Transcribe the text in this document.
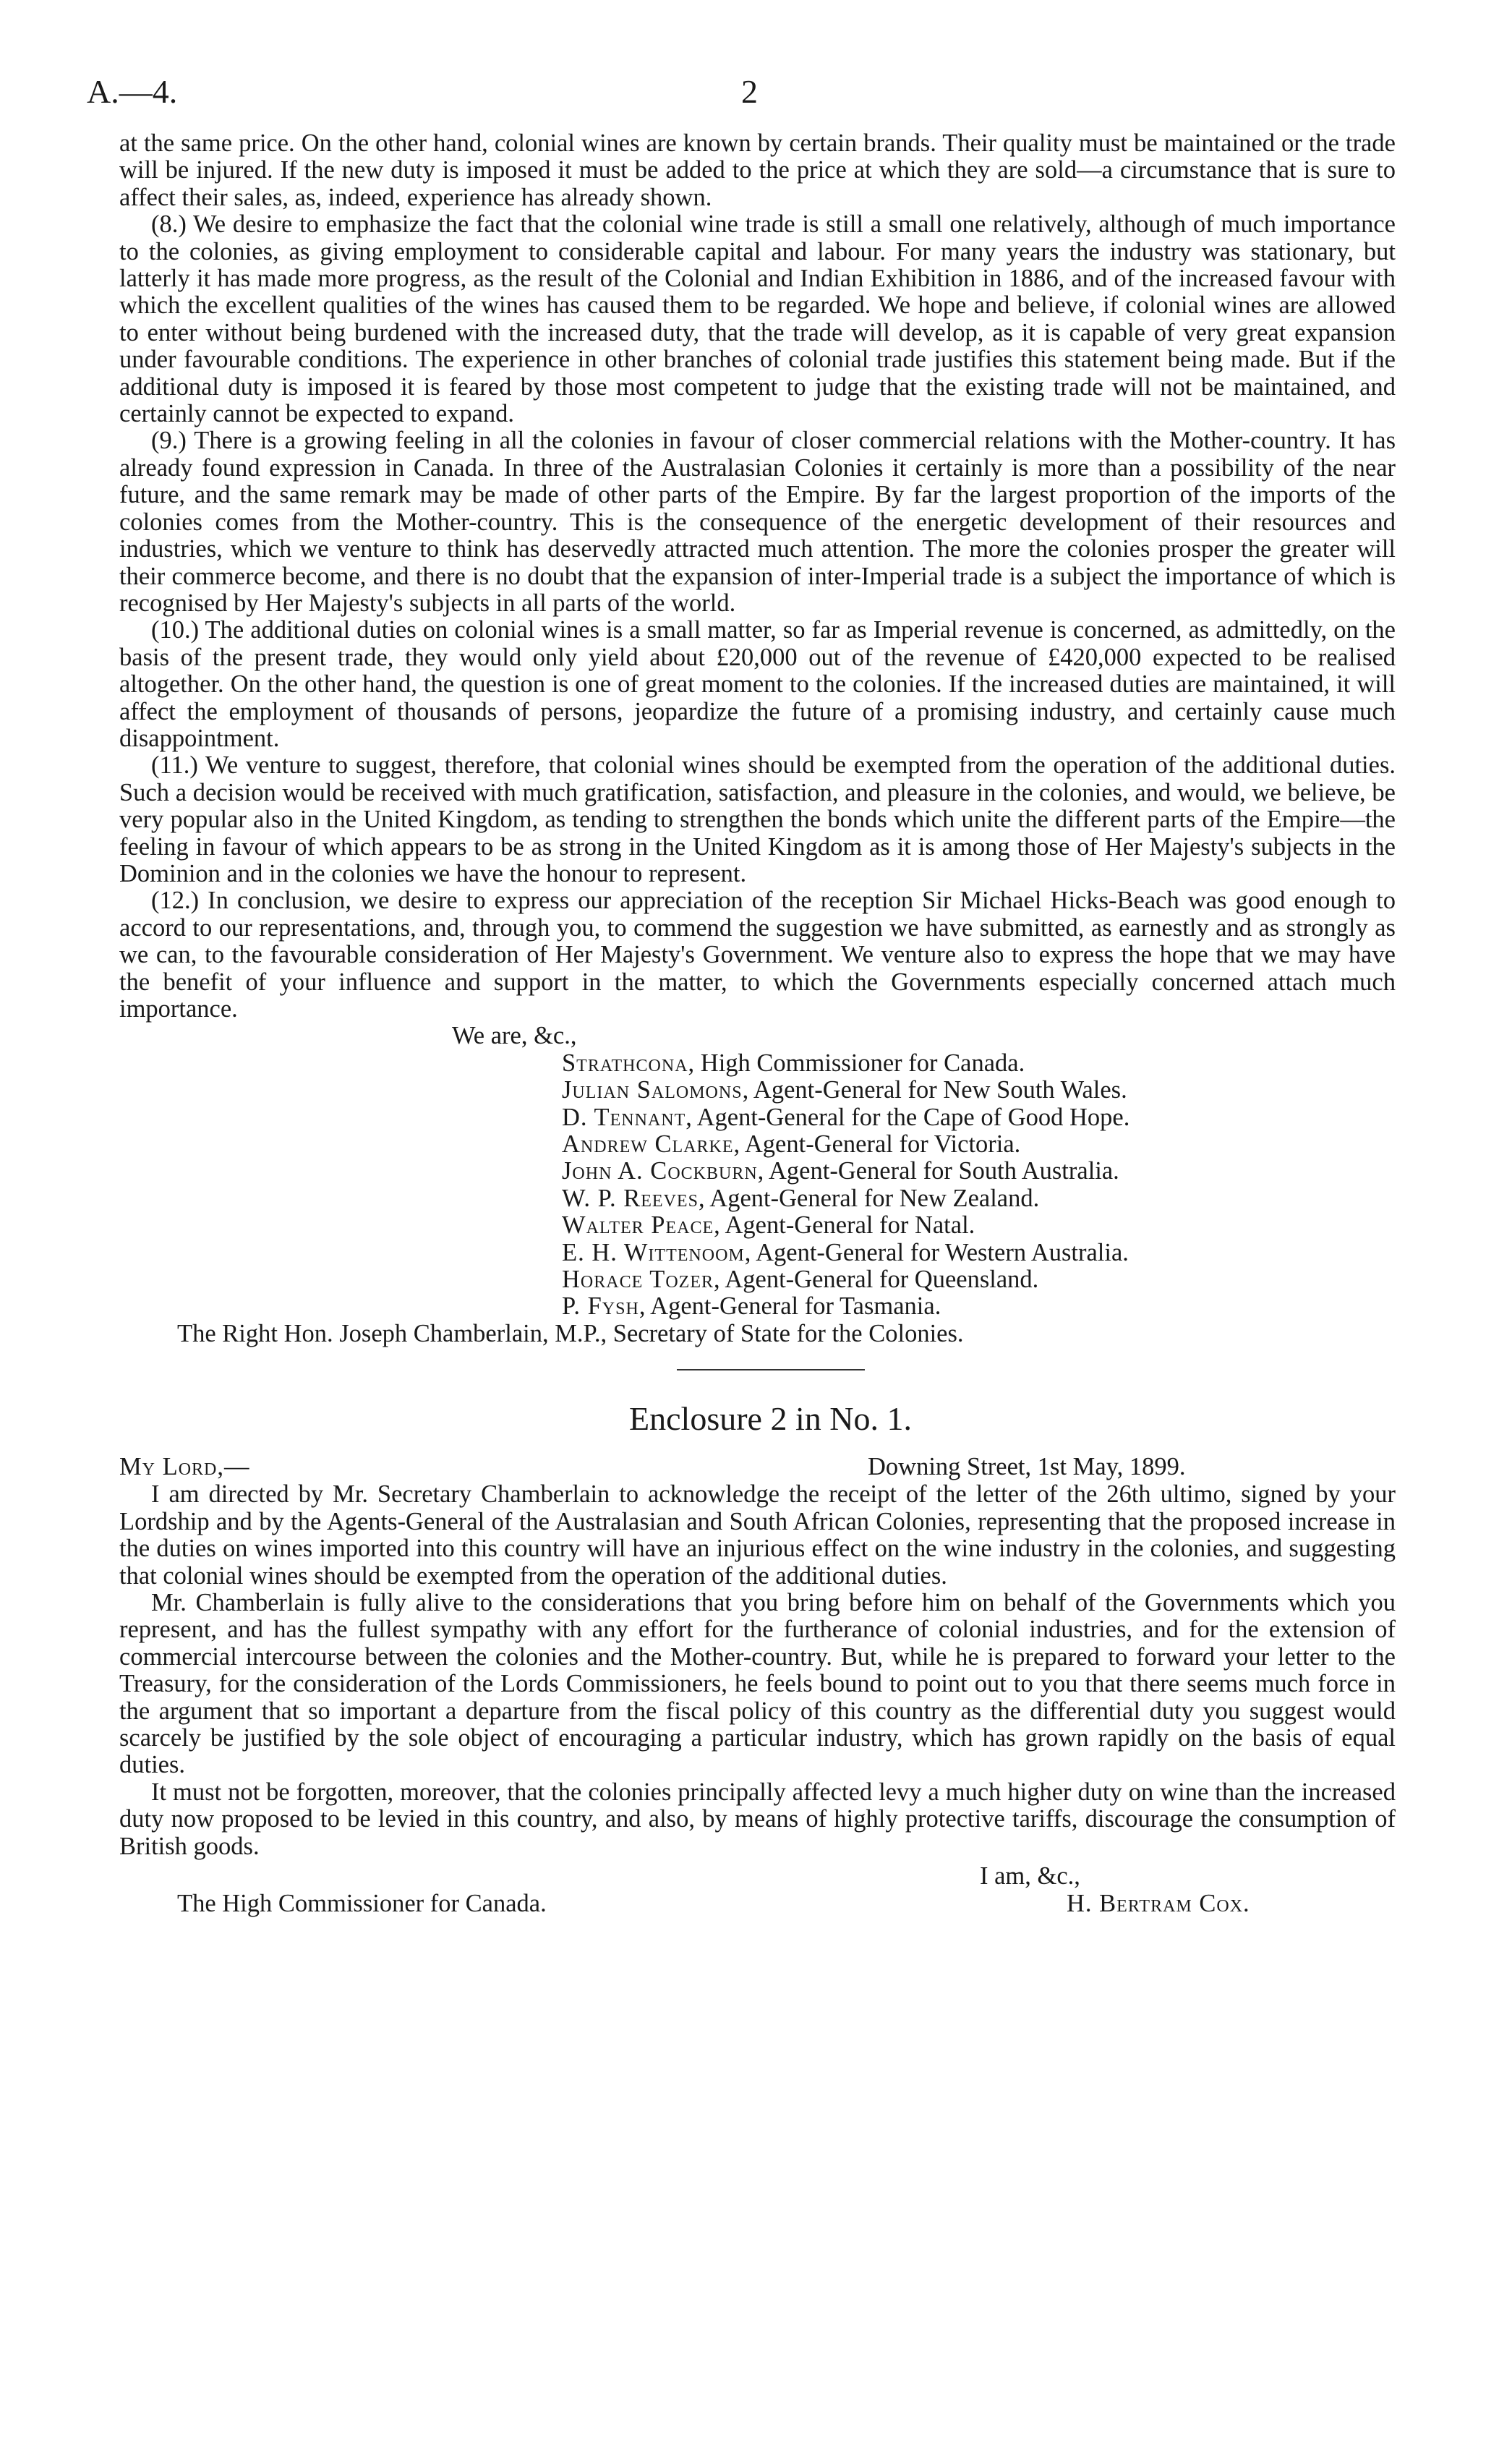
A.—4.	2

at the same price. On the other hand, colonial wines are known by certain brands. Their quality must be maintained or the trade will be injured. If the new duty is imposed it must be added to the price at which they are sold—a circumstance that is sure to affect their sales, as, indeed, experience has already shown.

(8.) We desire to emphasize the fact that the colonial wine trade is still a small one relatively, although of much importance to the colonies, as giving employment to considerable capital and labour. For many years the industry was stationary, but latterly it has made more progress, as the result of the Colonial and Indian Exhibition in 1886, and of the increased favour with which the excellent qualities of the wines has caused them to be regarded. We hope and believe, if colonial wines are allowed to enter without being burdened with the increased duty, that the trade will develop, as it is capable of very great expansion under favourable conditions. The experience in other branches of colonial trade justifies this statement being made. But if the additional duty is imposed it is feared by those most competent to judge that the existing trade will not be maintained, and certainly cannot be expected to expand.

(9.) There is a growing feeling in all the colonies in favour of closer commercial relations with the Mother-country. It has already found expression in Canada. In three of the Australasian Colonies it certainly is more than a possibility of the near future, and the same remark may be made of other parts of the Empire. By far the largest proportion of the imports of the colonies comes from the Mother-country. This is the consequence of the energetic development of their resources and industries, which we venture to think has deservedly attracted much attention. The more the colonies prosper the greater will their commerce become, and there is no doubt that the expansion of inter-Imperial trade is a subject the importance of which is recognised by Her Majesty's subjects in all parts of the world.

(10.) The additional duties on colonial wines is a small matter, so far as Imperial revenue is concerned, as admittedly, on the basis of the present trade, they would only yield about £20,000 out of the revenue of £420,000 expected to be realised altogether. On the other hand, the question is one of great moment to the colonies. If the increased duties are maintained, it will affect the employment of thousands of persons, jeopardize the future of a promising industry, and certainly cause much disappointment.

(11.) We venture to suggest, therefore, that colonial wines should be exempted from the operation of the additional duties. Such a decision would be received with much gratification, satisfaction, and pleasure in the colonies, and would, we believe, be very popular also in the United Kingdom, as tending to strengthen the bonds which unite the different parts of the Empire—the feeling in favour of which appears to be as strong in the United Kingdom as it is among those of Her Majesty's subjects in the Dominion and in the colonies we have the honour to represent.

(12.) In conclusion, we desire to express our appreciation of the reception Sir Michael Hicks-Beach was good enough to accord to our representations, and, through you, to commend the suggestion we have submitted, as earnestly and as strongly as we can, to the favourable consideration of Her Majesty's Government. We venture also to express the hope that we may have the benefit of your influence and support in the matter, to which the Governments especially concerned attach much importance.

We are, &c.,

Strathcona, High Commissioner for Canada.

Julian Salomons, Agent-General for New South Wales.

D. Tennant, Agent-General for the Cape of Good Hope.

Andrew Clarke, Agent-General for Victoria.

John A. Cockburn, Agent-General for South Australia.

W. P. Reeves, Agent-General for New Zealand.

Walter Peace, Agent-General for Natal.

E. H. Wittenoom, Agent-General for Western Australia.

Horace Tozer, Agent-General for Queensland.

P. Fysh, Agent-General for Tasmania.

The Right Hon. Joseph Chamberlain, M.P., Secretary of State for the Colonies.

Enclosure 2 in No. 1.
My Lord,—	Downing Street, 1st May, 1899.

I am directed by Mr. Secretary Chamberlain to acknowledge the receipt of the letter of the 26th ultimo, signed by your Lordship and by the Agents-General of the Australasian and South African Colonies, representing that the proposed increase in the duties on wines imported into this country will have an injurious effect on the wine industry in the colonies, and suggesting that colonial wines should be exempted from the operation of the additional duties.

Mr. Chamberlain is fully alive to the considerations that you bring before him on behalf of the Governments which you represent, and has the fullest sympathy with any effort for the furtherance of colonial industries, and for the extension of commercial intercourse between the colonies and the Mother-country. But, while he is prepared to forward your letter to the Treasury, for the consideration of the Lords Commissioners, he feels bound to point out to you that there seems much force in the argument that so important a departure from the fiscal policy of this country as the differential duty you suggest would scarcely be justified by the sole object of encouraging a particular industry, which has grown rapidly on the basis of equal duties.

It must not be forgotten, moreover, that the colonies principally affected levy a much higher duty on wine than the increased duty now proposed to be levied in this country, and also, by means of highly protective tariffs, discourage the consumption of British goods.

I am, &c.,
The High Commissioner for Canada.	H. Bertram Cox.
